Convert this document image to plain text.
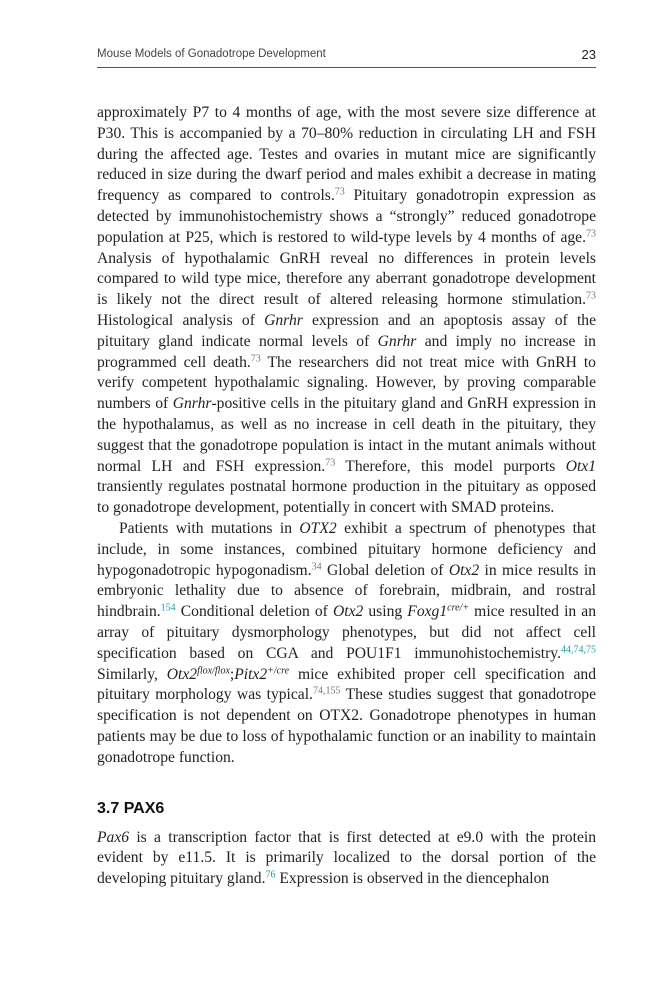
Mouse Models of Gonadotrope Development	23

approximately P7 to 4 months of age, with the most severe size difference at P30. This is accompanied by a 70–80% reduction in circulating LH and FSH during the affected age. Testes and ovaries in mutant mice are significantly reduced in size during the dwarf period and males exhibit a decrease in mating frequency as compared to controls.$^{73}$ Pituitary gonadotropin expression as detected by immunohistochemistry shows a “strongly” reduced gonadotrope population at P25, which is restored to wild-type levels by 4 months of age.$^{73}$ Analysis of hypothalamic GnRH reveal no differences in protein levels compared to wild type mice, therefore any aberrant gonadotrope development is likely not the direct result of altered releasing hormone stimulation.$^{73}$ Histological analysis of Gnrhr expression and an apoptosis assay of the pituitary gland indicate normal levels of Gnrhr and imply no increase in programmed cell death.$^{73}$ The researchers did not treat mice with GnRH to verify competent hypothalamic signaling. However, by proving comparable numbers of Gnrhr-positive cells in the pituitary gland and GnRH expression in the hypothalamus, as well as no increase in cell death in the pituitary, they suggest that the gonadotrope population is intact in the mutant animals without normal LH and FSH expression.$^{73}$ Therefore, this model purports Otx1 transiently regulates postnatal hormone production in the pituitary as opposed to gonadotrope development, potentially in concert with SMAD proteins.

Patients with mutations in OTX2 exhibit a spectrum of phenotypes that include, in some instances, combined pituitary hormone deficiency and hypogonadotropic hypogonadism.$^{34}$ Global deletion of Otx2 in mice results in embryonic lethality due to absence of forebrain, midbrain, and rostral hindbrain.$^{154}$ Conditional deletion of Otx2 using $Foxg1^{cre/+}$ mice resulted in an array of pituitary dysmorphology phenotypes, but did not affect cell specification based on CGA and POU1F1 immunohistochemistry.$^{44,74,75}$ Similarly, $Otx2^{flox/flox};Pitx2^{+/cre}$ mice exhibited proper cell specification and pituitary morphology was typical.$^{74,155}$ These studies suggest that gonadotrope specification is not dependent on OTX2. Gonadotrope phenotypes in human patients may be due to loss of hypothalamic function or an inability to maintain gonadotrope function.

3.7 PAX6

Pax6 is a transcription factor that is first detected at e9.0 with the protein evident by e11.5. It is primarily localized to the dorsal portion of the developing pituitary gland.$^{76}$ Expression is observed in the diencephalon
